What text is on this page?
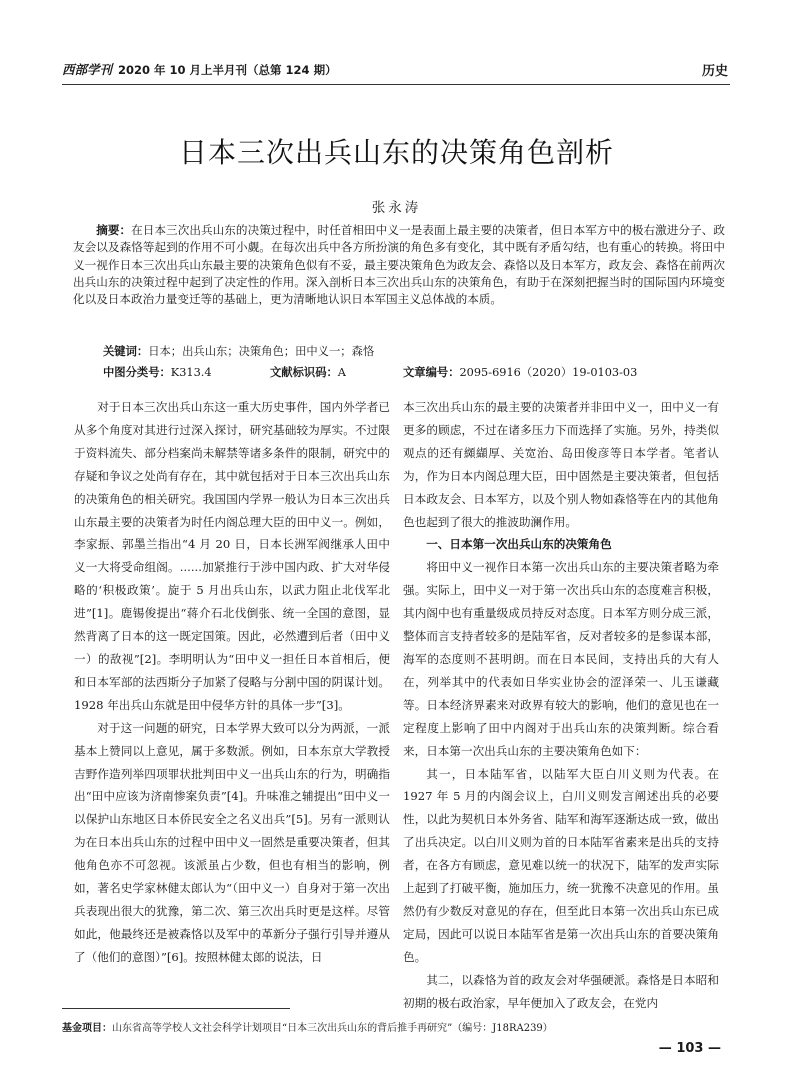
西部学刊 2020 年 10 月上半月刊（总第 124 期）	历史
日本三次出兵山东的决策角色剖析

张永涛

摘要：在日本三次出兵山东的决策过程中，时任首相田中义一是表面上最主要的决策者，但日本军方中的极右激进分子、政友会以及森恪等起到的作用不可小觑。在每次出兵中各方所扮演的角色多有变化，其中既有矛盾勾结，也有重心的转换。将田中义一视作日本三次出兵山东最主要的决策角色似有不妥，最主要决策角色为政友会、森恪以及日本军方，政友会、森恪在前两次出兵山东的决策过程中起到了决定性的作用。深入剖析日本三次出兵山东的决策角色，有助于在深刻把握当时的国际国内环境变化以及日本政治力量变迁等的基础上，更为清晰地认识日本军国主义总体战的本质。

关键词：日本；出兵山东；决策角色；田中义一；森恪
中图分类号：K313.4	文献标识码：A	文章编号：2095-6916（2020）19-0103-03

对于日本三次出兵山东这一重大历史事件，国内外学者已从多个角度对其进行过深入探讨，研究基础较为厚实。不过限于资料流失、部分档案尚未解禁等诸多条件的限制，研究中的存疑和争议之处尚有存在，其中就包括对于日本三次出兵山东的决策角色的相关研究。我国国内学界一般认为日本三次出兵山东最主要的决策者为时任内阁总理大臣的田中义一。例如，李家振、郭墨兰指出“4 月 20 日，日本长洲军阀继承人田中义一大将受命组阁。......加紧推行于涉中国内政、扩大对华侵略的‘积极政策’。旋于 5 月出兵山东，以武力阻止北伐军北进”[1]。鹿锡俊提出“蒋介石北伐倒张、统一全国的意图，显然背离了日本的这一既定国策。因此，必然遭到后者（田中义一）的敌视”[2]。李明明认为“田中义一担任日本首相后，便和日本军部的法西斯分子加紧了侵略与分割中国的阴谋计划。1928 年出兵山东就是田中侵华方针的具体一步”[3]。

对于这一问题的研究，日本学界大致可以分为两派，一派基本上赞同以上意见，属于多数派。例如，日本东京大学教授吉野作造列举四项罪状批判田中义一出兵山东的行为，明确指出“田中应该为济南惨案负责”[4]。升味准之辅提出“田中义一以保护山东地区日本侨民安全之名义出兵”[5]。另有一派则认为在日本出兵山东的过程中田中义一固然是重要决策者，但其他角色亦不可忽视。该派虽占少数，但也有相当的影响，例如，著名史学家林健太郎认为“（田中义一）自身对于第一次出兵表现出很大的犹豫，第二次、第三次出兵时更是这样。尽管如此，他最终还是被森恪以及军中的革新分子强行引导并遵从了（他们的意图）”[6]。按照林健太郎的说法，日

本三次出兵山东的最主要的决策者并非田中义一，田中义一有更多的顾虑，不过在诸多压力下而选择了实施。另外，持类似观点的还有纐纈厚、关宽治、岛田俊彦等日本学者。笔者认为，作为日本内阁总理大臣，田中固然是主要决策者，但包括日本政友会、日本军方，以及个别人物如森恪等在内的其他角色也起到了很大的推波助澜作用。

一、日本第一次出兵山东的决策角色

将田中义一视作日本第一次出兵山东的主要决策者略为牵强。实际上，田中义一对于第一次出兵山东的态度难言积极，其内阁中也有重量级成员持反对态度。日本军方则分成三派，整体而言支持者较多的是陆军省，反对者较多的是参谋本部，海军的态度则不甚明朗。而在日本民间，支持出兵的大有人在，列举其中的代表如日华实业协会的涩泽荣一、儿玉谦藏等。日本经济界素来对政界有较大的影响，他们的意见也在一定程度上影响了田中内阁对于出兵山东的决策判断。综合看来，日本第一次出兵山东的主要决策角色如下：

其一，日本陆军省，以陆军大臣白川义则为代表。在 1927 年 5 月的内阁会议上，白川义则发言阐述出兵的必要性，以此为契机日本外务省、陆军和海军逐渐达成一致，做出了出兵决定。以白川义则为首的日本陆军省素来是出兵的支持者，在各方有顾虑，意见难以统一的状况下，陆军的发声实际上起到了打破平衡，施加压力，统一犹豫不决意见的作用。虽然仍有少数反对意见的存在，但至此日本第一次出兵山东已成定局，因此可以说日本陆军省是第一次出兵山东的首要决策角色。

其二，以森恪为首的政友会对华强硬派。森恪是日本昭和初期的极右政治家，早年便加入了政友会，在党内

基金项目：山东省高等学校人文社会科学计划项目“日本三次出兵山东的背后推手再研究”（编号：J18RA239）
— 103 —
